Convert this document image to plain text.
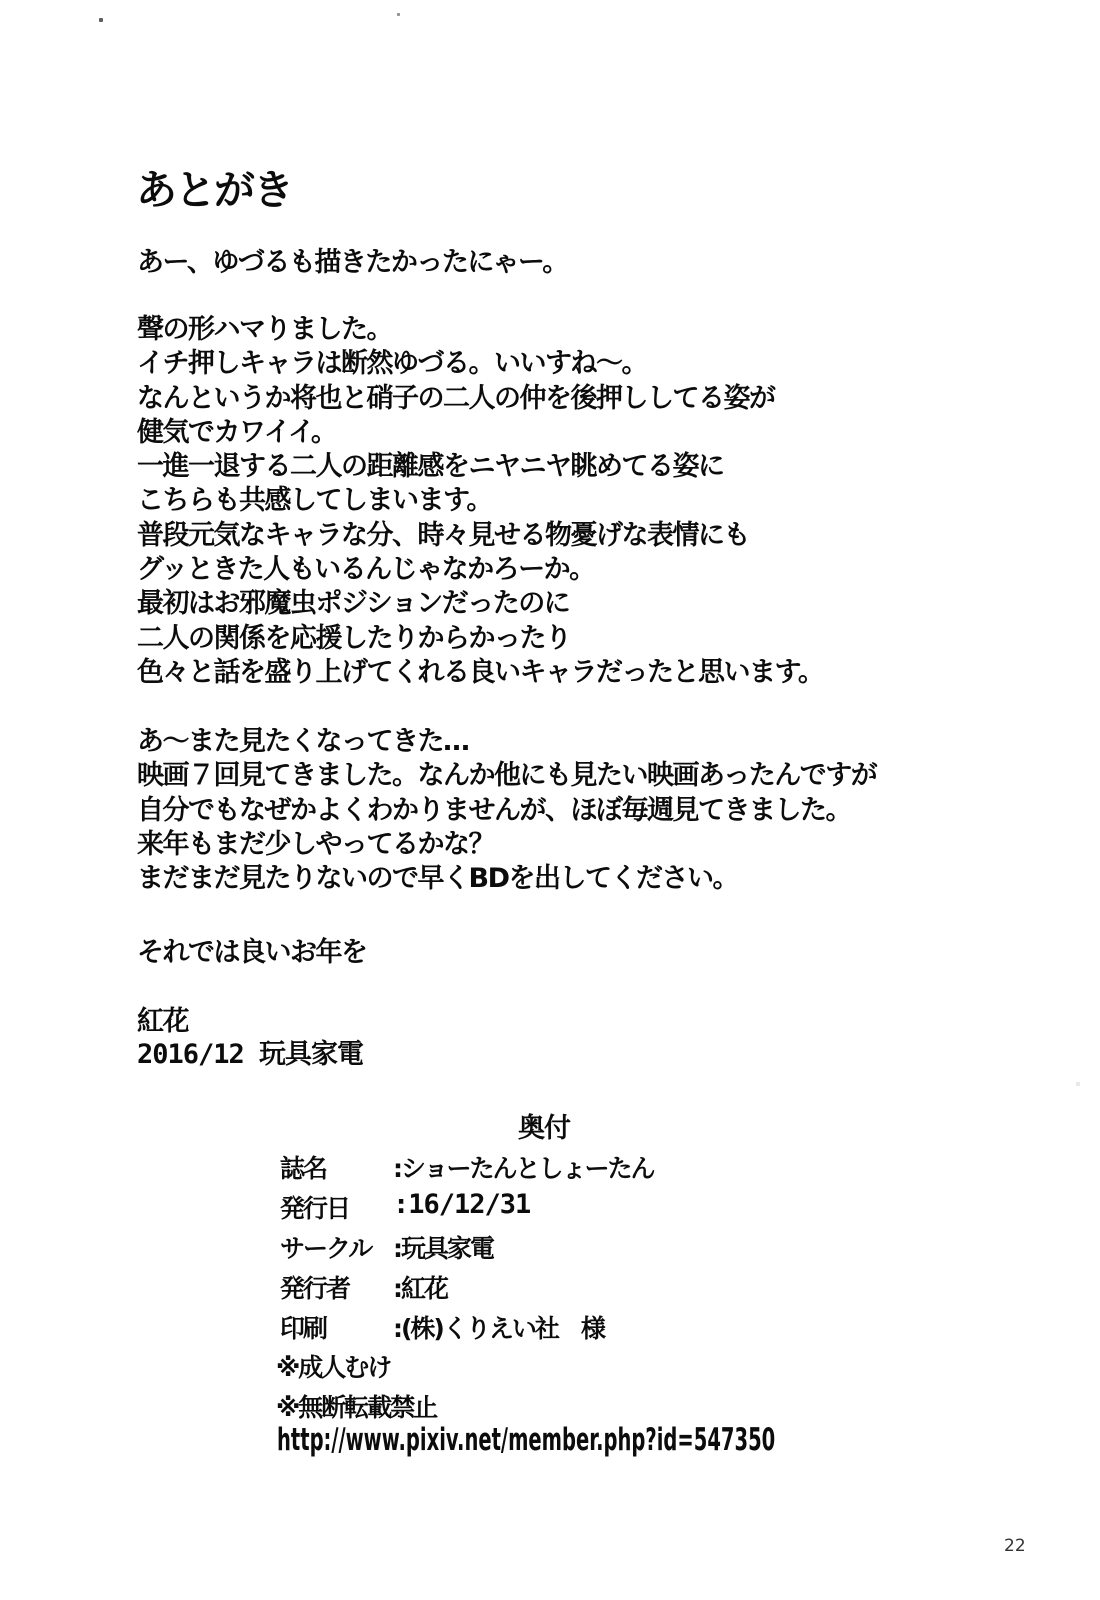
あとがき
あー、ゆづるも描きたかったにゃー。
聲の形ハマりました。
イチ押しキャラは断然ゆづる。いいすね～。
なんというか将也と硝子の二人の仲を後押ししてる姿が
健気でカワイイ。
一進一退する二人の距離感をニヤニヤ眺めてる姿に
こちらも共感してしまいます。
普段元気なキャラな分、時々見せる物憂げな表情にも
グッときた人もいるんじゃなかろーか。
最初はお邪魔虫ポジションだったのに
二人の関係を応援したりからかったり
色々と話を盛り上げてくれる良いキャラだったと思います。
あ～また見たくなってきた…
映画７回見てきました。なんか他にも見たい映画あったんですが
自分でもなぜかよくわかりませんが、ほぼ毎週見てきました。
来年もまだ少しやってるかな？
まだまだ見たりないので早くBDを出してください。
それでは良いお年を
紅花
2016/12 玩具家電
奥付
誌名	:ショーたんとしょーたん
発行日 :16/12/31
サークル :玩具家電
発行者 :紅花
印刷	:(株)くりえい社　様
※成人むけ
※無断転載禁止
http://www.pixiv.net/member.php?id=547350
22
